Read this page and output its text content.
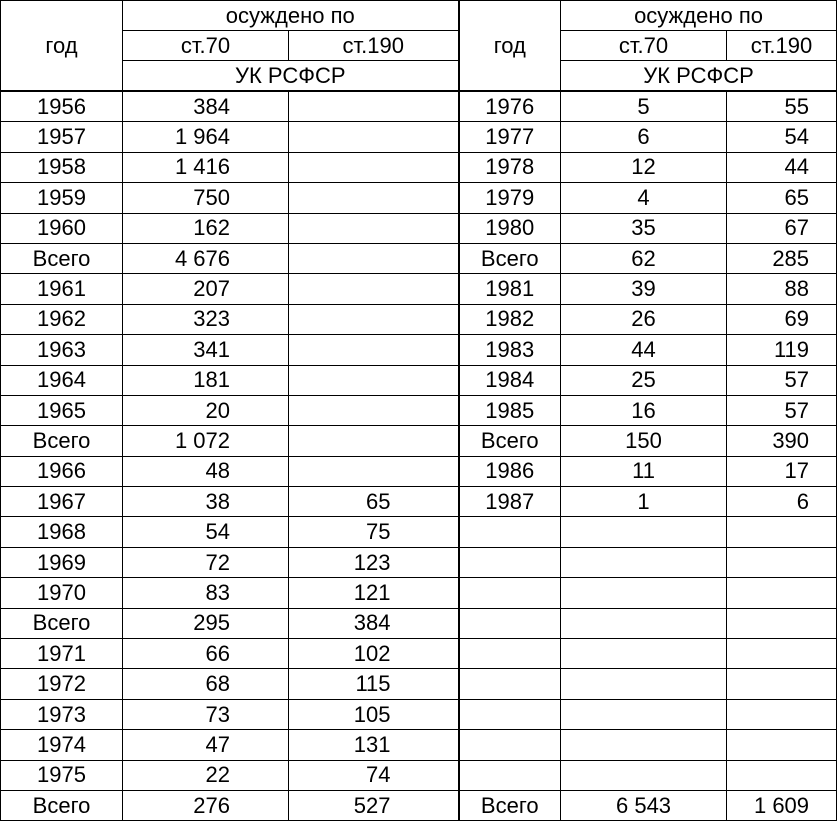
год	осуждено по		год	осуждено по	
	ст.70	ст.190		ст.70	ст.190
	УК РСФСР			УК РСФСР	
1956	384		1976	5	55
1957	1 964		1977	6	54
1958	1 416		1978	12	44
1959	750		1979	4	65
1960	162		1980	35	67
Всего	4 676		Всего	62	285
1961	207		1981	39	88
1962	323		1982	26	69
1963	341		1983	44	119
1964	181		1984	25	57
1965	20		1985	16	57
Всего	1 072		Всего	150	390
1966	48		1986	11	17
1967	38	65	1987	1	6
1968	54	75			
1969	72	123			
1970	83	121			
Всего	295	384			
1971	66	102			
1972	68	115			
1973	73	105			
1974	47	131			
1975	22	74			
Всего	276	527	Всего	6 543	1 609
